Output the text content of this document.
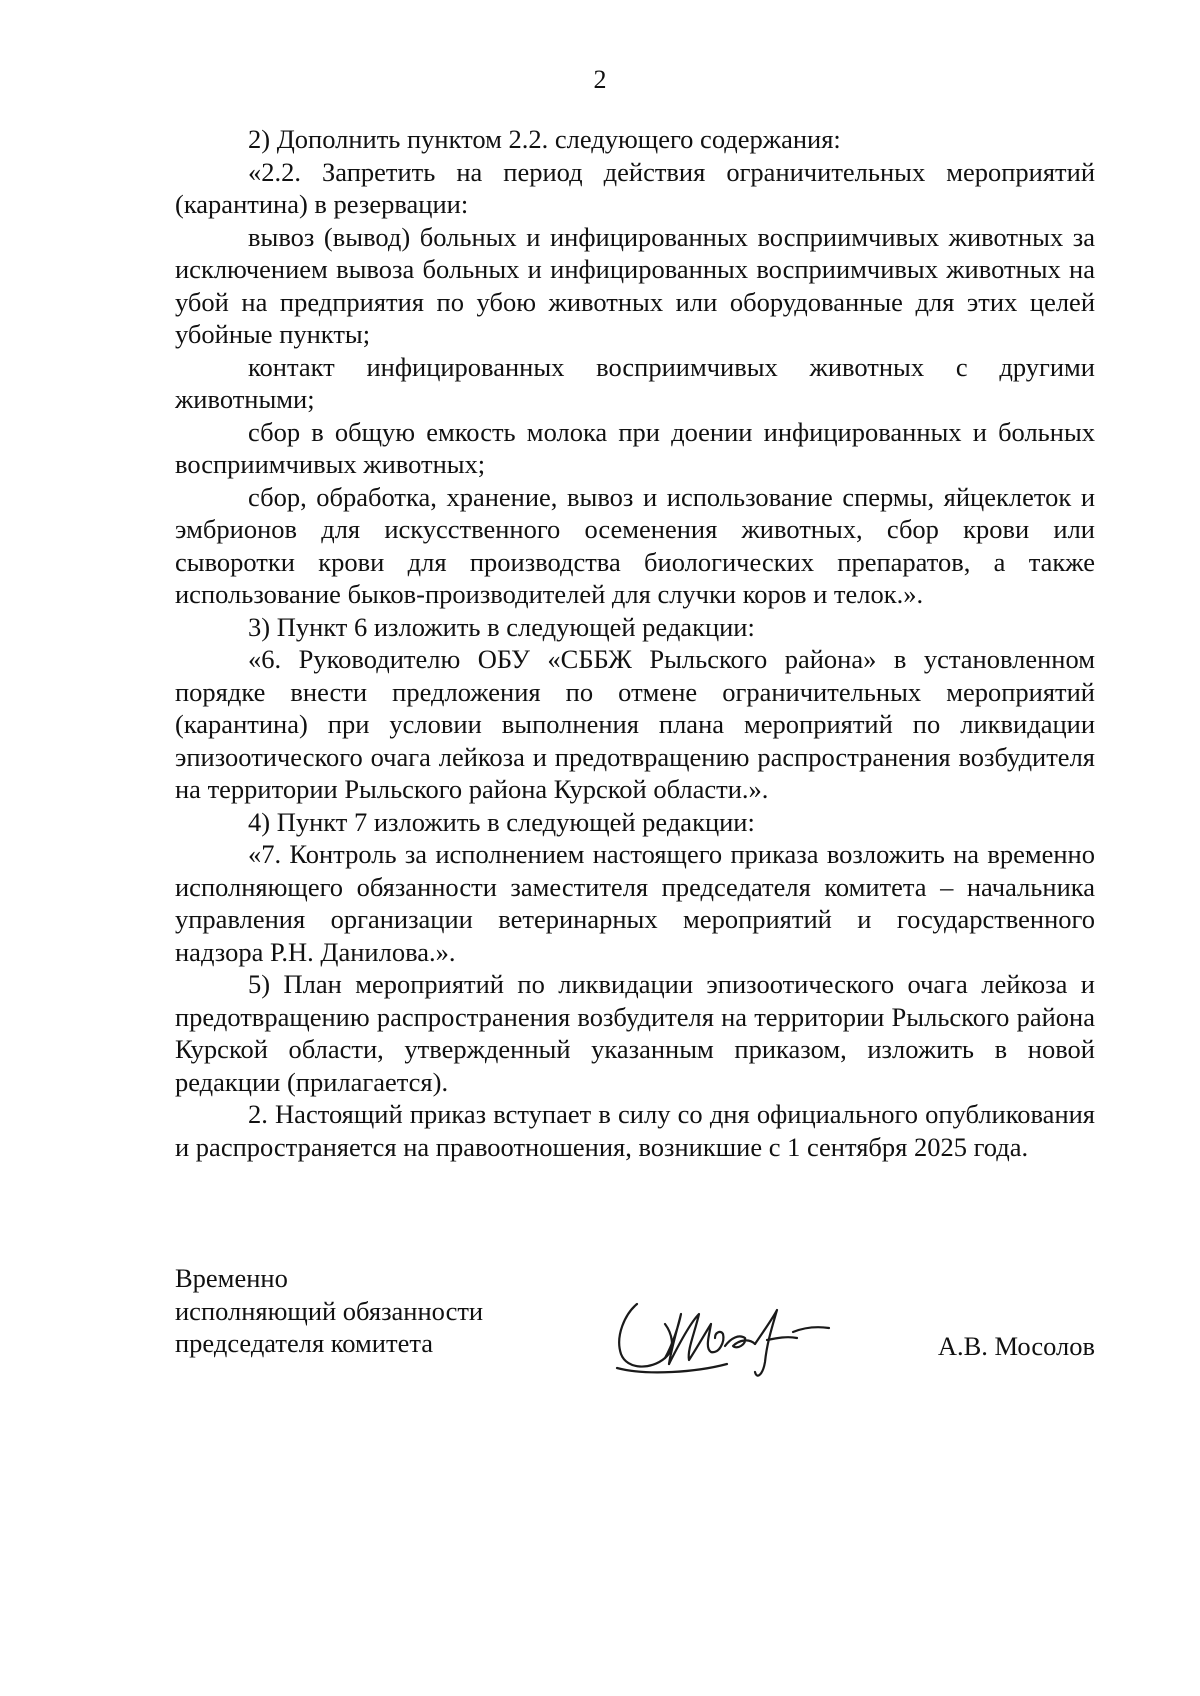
2

2) Дополнить пунктом 2.2. следующего содержания:

«2.2. Запретить на период действия ограничительных мероприятий (карантина) в резервации:

вывоз (вывод) больных и инфицированных восприимчивых животных за исключением вывоза больных и инфицированных восприимчивых животных на убой на предприятия по убою животных или оборудованные для этих целей убойные пункты;

контакт инфицированных восприимчивых животных с другими животными;

сбор в общую емкость молока при доении инфицированных и больных восприимчивых животных;

сбор, обработка, хранение, вывоз и использование спермы, яйцеклеток и эмбрионов для искусственного осеменения животных, сбор крови или сыворотки крови для производства биологических препаратов, а также использование быков-производителей для случки коров и телок.».

3) Пункт 6 изложить в следующей редакции:

«6. Руководителю ОБУ «СББЖ Рыльского района» в установленном порядке внести предложения по отмене ограничительных мероприятий (карантина) при условии выполнения плана мероприятий по ликвидации эпизоотического очага лейкоза и предотвращению распространения возбудителя на территории Рыльского района Курской области.».

4) Пункт 7 изложить в следующей редакции:

«7. Контроль за исполнением настоящего приказа возложить на временно исполняющего обязанности заместителя председателя комитета – начальника управления организации ветеринарных мероприятий и государственного надзора Р.Н. Данилова.».

5) План мероприятий по ликвидации эпизоотического очага лейкоза и предотвращению распространения возбудителя на территории Рыльского района Курской области, утвержденный указанным приказом, изложить в новой редакции (прилагается).

2. Настоящий приказ вступает в силу со дня официального опубликования и распространяется на правоотношения, возникшие с 1 сентября 2025 года.

Временно
исполняющий обязанности
председателя комитета	А.В. Мосолов
